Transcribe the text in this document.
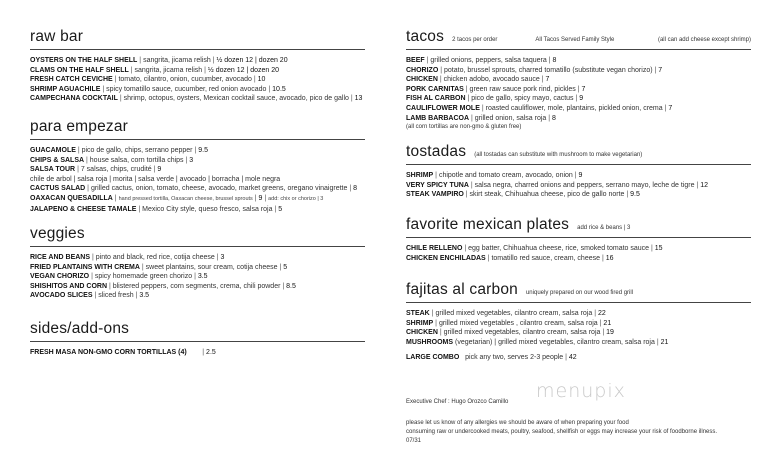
raw bar
OYSTERS ON THE HALF SHELL | sangrita, jicama relish | ½ dozen 12 | dozen 20
CLAMS ON THE HALF SHELL | sangrita, jicama relish | ½ dozen 12 | dozen 20
FRESH CATCH CEVICHE | tomato, cilantro, onion, cucumber, avocado | 10
SHRIMP AGUACHILE | spicy tomatillo sauce, cucumber, red onion avocado | 10.5
CAMPECHANA COCKTAIL | shrimp, octopus, oysters, Mexican cocktail sauce, avocado, pico de gallo | 13
para empezar
GUACAMOLE | pico de gallo, chips, serrano pepper | 9.5
CHIPS & SALSA | house salsa, corn tortilla chips | 3
SALSA TOUR | 7 salsas, chips, crudité | 9
chile de arbol | salsa roja | morita | salsa verde | avocado | borracha | mole negra
CACTUS SALAD | grilled cactus, onion, tomato, cheese, avocado, market greens, oregano vinaigrette | 8
OAXACAN QUESADILLA | hand pressed tortilla, Oaxacan cheese, brussel sprouts | 9 | add: chix or chorizo | 3
JALAPENO & CHEESE TAMALE | Mexico City style, queso fresco, salsa roja | 5
veggies
RICE AND BEANS | pinto and black, red rice, cotija cheese | 3
FRIED PLANTAINS WITH CREMA | sweet plantains, sour cream, cotija cheese | 5
VEGAN CHORIZO | spicy homemade green chorizo | 3.5
SHISHITOS AND CORN | blistered peppers, corn segments, crema, chili powder | 8.5
AVOCADO SLICES | sliced fresh | 3.5
sides/add-ons
FRESH MASA NON-GMO CORN TORTILLAS (4)        | 2.5
tacos 2 tacos per order	All Tacos Served Family Style	(all can add cheese except shrimp)
BEEF | grilled onions, peppers, salsa taquera | 8
CHORIZO | potato, brussel sprouts, charred tomatillo (substitute vegan chorizo) | 7
CHICKEN | chicken adobo, avocado sauce | 7
PORK CARNITAS | green raw sauce pork rind, pickles | 7
FISH AL CARBON | pico de gallo, spicy mayo, cactus | 9
CAULIFLOWER MOLE | roasted cauliflower, mole, plantains, pickled onion, crema | 7
LAMB BARBACOA | grilled onion, salsa roja | 8
(all corn tortillas are non-gmo & gluten free)
tostadas (all tostadas can substitute with mushroom to make vegetarian)
SHRIMP | chipotle and tomato cream, avocado, onion | 9
VERY SPICY TUNA | salsa negra, charred onions and peppers, serrano mayo, leche de tigre | 12
STEAK VAMPIRO | skirt steak, Chihuahua cheese, pico de gallo norte | 9.5
favorite mexican plates add rice & beans | 3
CHILE RELLENO | egg batter, Chihuahua cheese, rice, smoked tomato sauce | 15
CHICKEN ENCHILADAS | tomatillo red sauce, cream, cheese | 16
fajitas al carbon uniquely prepared on our wood fired grill
STEAK | grilled mixed vegetables, cilantro cream, salsa roja | 22
SHRIMP | grilled mixed vegetables , cilantro cream, salsa roja | 21
CHICKEN | grilled mixed vegetables, cilantro cream, salsa roja | 19
MUSHROOMS (vegetarian) | grilled mixed vegetables, cilantro cream, salsa roja | 21
LARGE COMBO pick any two, serves 2-3 people | 42
Executive Chef : Hugo Orozco Camillo
please let us know of any allergies we should be aware of when preparing your food
consuming raw or undercooked meats, poultry, seafood, shellfish or eggs may increase your risk of foodborne illness.
07/31
menupix
